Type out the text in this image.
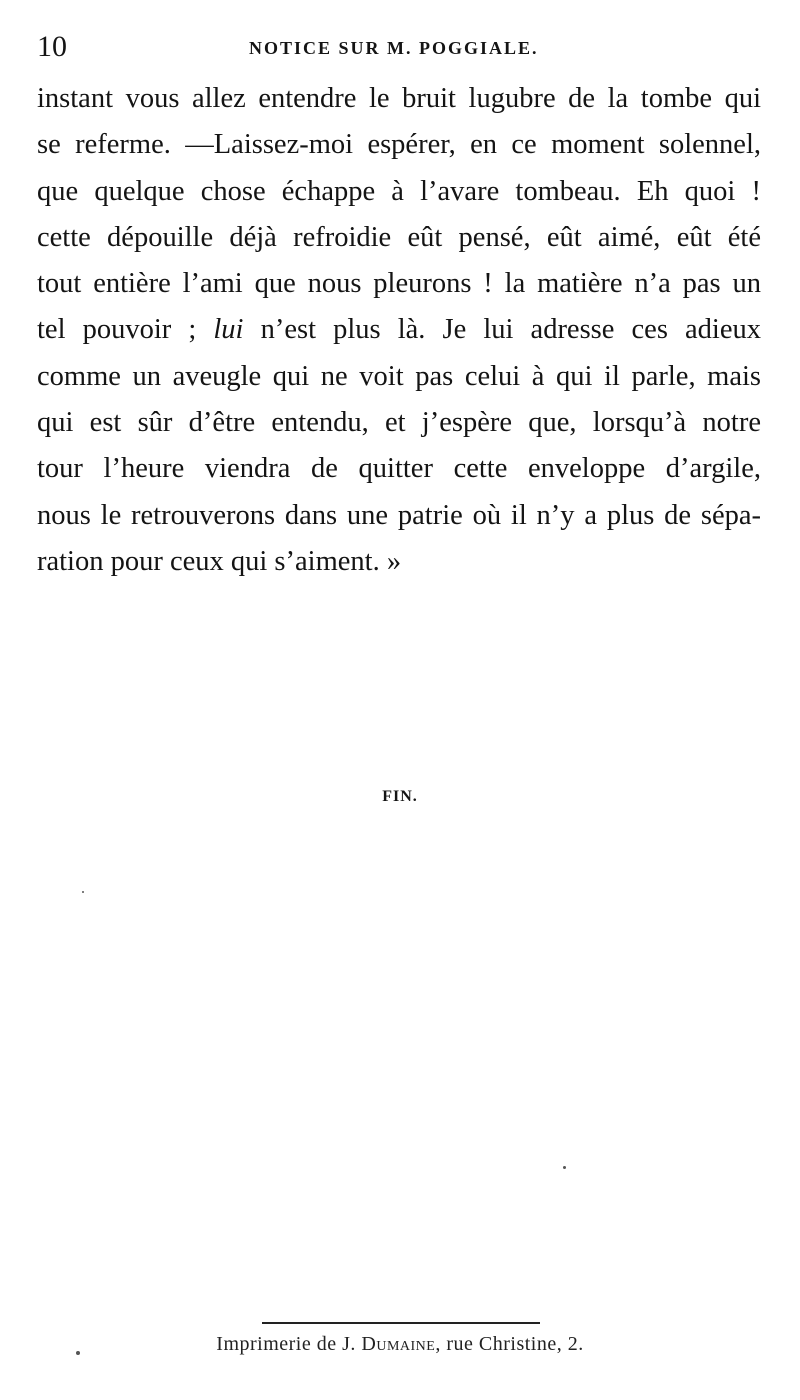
10	NOTICE SUR M. POGGIALE.
instant vous allez entendre le bruit lugubre de la tombe qui
se referme. —Laissez-moi espérer, en ce moment solennel,
que quelque chose échappe à l’avare tombeau. Eh quoi !
cette dépouille déjà refroidie eût pensé, eût aimé, eût été
tout entière l’ami que nous pleurons ! la matière n’a pas un
tel pouvoir ; lui n’est plus là. Je lui adresse ces adieux
comme un aveugle qui ne voit pas celui à qui il parle, mais
qui est sûr d’être entendu, et j’espère que, lorsqu’à notre
tour l’heure viendra de quitter cette enveloppe d’argile,
nous le retrouverons dans une patrie où il n’y a plus de sépa-
ration pour ceux qui s’aiment. »
FIN.
Imprimerie de J. Dumaine, rue Christine, 2.
